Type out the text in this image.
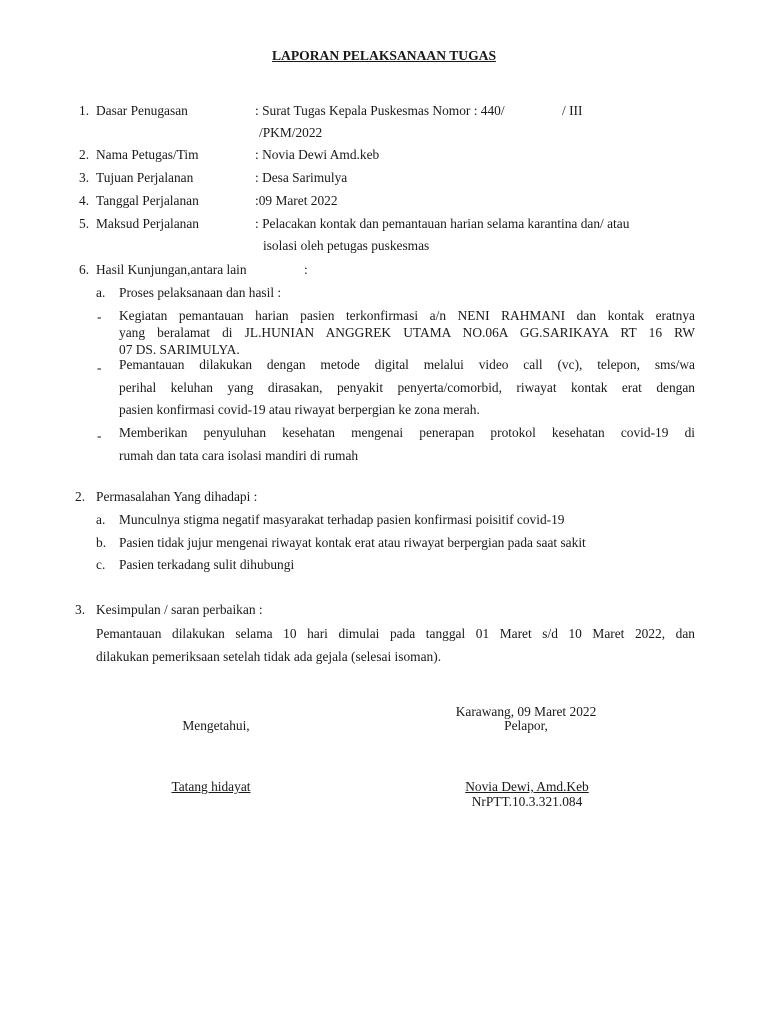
LAPORAN PELAKSANAAN TUGAS
1. Dasar Penugasan	: Surat Tugas Kepala Puskesmas Nomor : 440/	/ III
/PKM/2022
2. Nama Petugas/Tim	: Novia Dewi Amd.keb
3. Tujuan Perjalanan	: Desa Sarimulya
4. Tanggal Perjalanan	:09 Maret 2022
5. Maksud Perjalanan	: Pelacakan kontak dan pemantauan harian selama karantina dan/ atau
isolasi oleh petugas puskesmas
6. Hasil Kunjungan,antara lain	:
a. Proses pelaksanaan dan hasil :
- Kegiatan pemantauan harian pasien terkonfirmasi a/n NENI RAHMANI dan kontak eratnya
yang beralamat di JL.HUNIAN ANGGREK UTAMA NO.06A GG.SARIKAYA RT 16 RW
07 DS. SARIMULYA.
- Pemantauan dilakukan dengan metode digital melalui video call (vc), telepon, sms/wa
perihal keluhan yang dirasakan, penyakit penyerta/comorbid, riwayat kontak erat dengan
pasien konfirmasi covid-19 atau riwayat berpergian ke zona merah.
- Memberikan penyuluhan kesehatan mengenai penerapan protokol kesehatan covid-19 di
rumah dan tata cara isolasi mandiri di rumah
2. Permasalahan Yang dihadapi :
a. Munculnya stigma negatif masyarakat terhadap pasien konfirmasi poisitif covid-19
b. Pasien tidak jujur mengenai riwayat kontak erat atau riwayat berpergian pada saat sakit
c. Pasien terkadang sulit dihubungi
3. Kesimpulan / saran perbaikan :
Pemantauan dilakukan selama 10 hari dimulai pada tanggal 01 Maret s/d 10 Maret 2022, dan
dilakukan pemeriksaan setelah tidak ada gejala (selesai isoman).
Karawang, 09 Maret 2022
Mengetahui,	Pelapor,
Tatang hidayat	Novia Dewi, Amd.Keb
NrPTT.10.3.321.084
